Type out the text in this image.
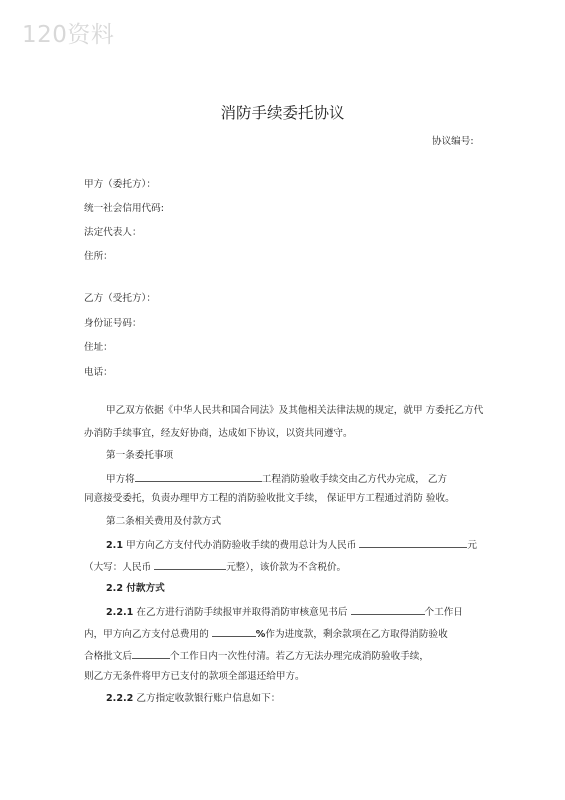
120资料
消防手续委托协议
协议编号:
甲方（委托方）：
统一社会信用代码:
法定代表人：
住所：
乙方（受托方）：
身份证号码：
住址：
电话：
甲乙双方依据《中华人民共和国合同法》及其他相关法律法规的规定，就甲 方委托乙方代
办消防手续事宜，经友好协商，达成如下协议，以资共同遵守。
第一条委托事项
甲方将	工程消防验收手续交由乙方代办完成， 乙方
同意接受委托，负责办理甲方工程的消防验收批文手续， 保证甲方工程通过消防 验收。
第二条相关费用及付款方式
2.1 甲方向乙方支付代办消防验收手续的费用总计为人民币	元
（大写：人民币	元整），该价款为不含税价。
2.2 付款方式
2.2.1 在乙方进行消防手续报审并取得消防审核意见书后	个工作日
内，甲方向乙方支付总费用的	%作为进度款，剩余款项在乙方取得消防验收
合格批文后	个工作日内一次性付清。若乙方无法办理完成消防验收手续，
则乙方无条件将甲方已支付的款项全部退还给甲方。
2.2.2 乙方指定收款银行账户信息如下：
